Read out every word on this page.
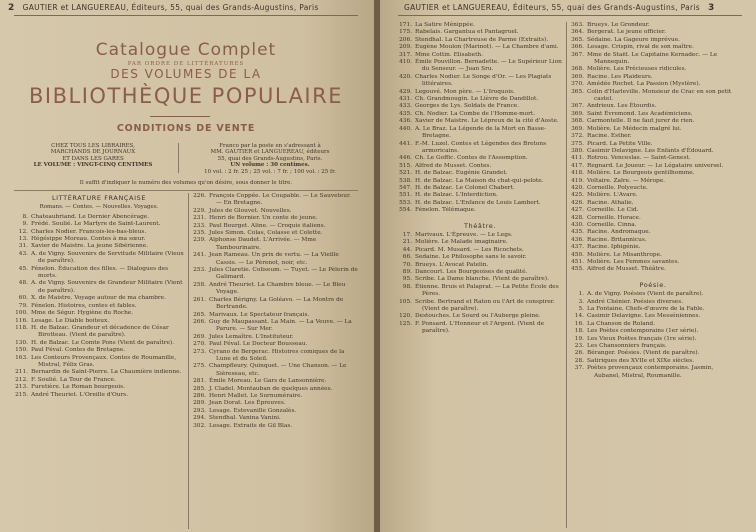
2 GAUTIER et LANGUEREAU, Éditeurs, 55, quai des Grands-Augustins, Paris
Catalogue Complet
PAR ORDRE DE LITTÉRATURES
DES VOLUMES DE LA
BIBLIOTHÈQUE POPULAIRE
CONDITIONS DE VENTE
CHEZ TOUS LES LIBRAIRES,
MARCHANDS DE JOURNAUX
ET DANS LES GARES
LE VOLUME : VINGT-CINQ CENTIMES
Franco par la poste en s'adressant à
MM. GAUTIER et LANGUEREAU, éditeurs
55, quai des Grands-Augustins, Paris.
UN volume : 30 centimes.
10 vol. : 2 fr. 25 ; 25 vol. : 7 fr. ; 100 vol. : 25 fr.
Il suffit d'indiquer le numéro des volumes qu'on désire, sous donner le titre.
LITTÉRATURE FRANÇAISE
Romans. — Contes. — Nouvelles. Voyages.
8. Chateaubriand. Le Dernier Abencérage.
9. Frédé. Soulié. Le Martyre de Saint-Laurent.
12. Charles Nodier. Francois-les-bas-bleus.
13. Hégésippe Moreau. Contes à ma sœur.
31. Xavier de Maistre. La jeune Sibérienne.
43. A. de Vigny. Souvenirs de Servitude Militaire (Vieux de paraître).
45. Fénelon. Éducation des filles. — Dialogues des morts.
48. A. de Vigny. Souvenirs de Grandeur Militaire (Vient de paraître).
60. X. de Maistre. Voyage autour de ma chambre.
79. Fénelon. Histoires, contes et fables.
100. Mme de Ségur. Hygiène du Roche.
116. Lesage. Le Diable boiteux.
118. H. de Balzac. Grandeur et décadence de César Birotteau. (Vient de paraître).
130. H. de Balzac. Le Comte Pons (Vient de paraître).
150. Paul Féval. Contes de Bretagne.
163. Les Conteurs Provençaux. Contes de Roumanille, Mistral, Félix Gras.
211. Bernardin de Saint-Pierre. La Chaumière indienne.
212. F. Soulié. La Tour de France.
213. Furetière. Le Roman bourgeois.
215. André Theuriet. L'Oreille d'Ours.
226. François Coppée. Le Coupable. — Le Sauveteur. — En Bretagne.
229. Jules de Glouvet. Nouvelles.
231. Henri de Bornier. Un conte de jeune.
233. Paul Bourget. Aline. — Croquis italiens.
235. Jules Simon. Colas, Colasse et Colette.
239. Alphonse Daudet. L'Arrivée. — Mme Tambourinaire.
241. Jean Rameau. Un prix de vertu. — La Vieille Cassis. — Le Pèrenot, noir, etc.
253. Jules Claretie. Coliseum. — Tuyet. — Le Pèlerin de Galimard.
258. André Theuriet. La Chambre bleue. — Le Bleu Voyage.
261. Charles Bérigny. La Goléavo. — La Montre de Bertrande.
265. Marivaux. Le Spectateur français.
266. Guy de Maupassant. La Main. — La Veuve. — La Parure. — Sur Mer.
269. Jules Lemaître. L'Instituteur.
270. Paul Féval. Le Docteur Bousseau.
273. Cyrano de Bergerac. Histoires comiques de la Lune et du Soleil.
275. Champfleury. Quinquet. — Une Chanson. — Le Sièreseau, etc.
281. Émile Moreau. Le Gars de Lansonnière.
285. J. Cladel. Montauban de quelques années.
286. Henri Mallet. Le Surnuméraire.
289. Jean Dorat. Les Épreuves.
293. Lesage. Estevanille Gonzalès.
294. Stendhal. Vanina Vanini.
302. Lesage. Extraits de Gil Blas.
GAUTIER et LANGUEREAU, Éditeurs, 55, quai des Grands-Augustins, Paris 3
171. La Satire Ménippée.
175. Rabelais. Gargantua et Pantagruel.
206. Stendhal. La Chartreuse de Parme (Extraits).
209. Eugène Moulon (Marinot). — La Chambre d'ami.
317. Mme Cottin. Elisabeth.
410. Émile Pouvillon. Bernadette. — Le Supérieur Lion du Senseur. — Juan Sru.
420. Charles Nodier. Le Songe d'Or. — Les Plagiats littéraires.
429. Legouvé. Mon père. — L'Iroquois.
431. Ch. Grandmougin. Le Lièvre de Dandillot.
433. Georges de Lys. Soldats de France.
435. Ch. Nodier. La Combe de l'Homme-mort.
436. Xavier de Maistre. Le Lépreux de la cité d'Aoste.
440. A. Le Braz. La Légende de la Mort en Basse-Bretagne.
441. F.-M. Luzel. Contes et Légendes des Bretons armoricains.
446. Ch. Le Goffic. Contes de l'Assomption.
515. Alfred de Musset. Contes.
521. H. de Balzac. Eugénie Grandet.
538. H. de Balzac. La Maison du chat-qui-pelote.
547. H. de Balzac. Le Colonel Chabert.
551. H. de Balzac. L'Interdiction.
553. H. de Balzac. L'Enfance de Louis Lambert.
554. Fénelon. Télémaque.
Théâtre.
17. Marivaux. L'Épreuve. — Le Legs.
21. Molière. Le Malade imaginaire.
44. Picard. M. Musard. — Les Ricochets.
66. Sedaine. Le Philosophe sans le savoir.
70. Brueys. L'Avocat Patelin.
89. Dancourt. Les Bourgeoises de qualité.
95. Scribe. La Dame blanche. (Vient de paraître).
98. Étienne. Bruis et Palaprat. — La Petite École des Pères.
105. Scribe. Bertrand et Raton ou l'Art de conspirer. (Vient de paraître).
120. Destouches. Le Sourd ou l'Auberge pleine.
125. F. Ponsard. L'Honneur et l'Argent. (Vient de paraître).
363. Brueys. Le Grondeur.
364. Bergerat. Le jeune officier.
365. Sédaine. La Gageure imprévue.
366. Lesage. Crispin, rival de son maître.
367. Mme de Staël. Le Capitaine Kernadec. — Le Mannequin.
368. Molière. Les Précieuses ridicules.
369. Racine. Les Plaideurs.
370. Amédée Rochet. La Passion (Mystère).
365. Colin d'Harleville. Monsieur de Crac en son petit castel.
367. Andrieux. Les Étourdis.
369. Saint Évremond. Les Académiciens.
368. Carmontelle. Il ne faut jurer de rien.
369. Molière. Le Médecin malgré lui.
372. Racine. Esther.
375. Picard. La Petite Ville.
380. Casimir Delavigne. Les Enfants d'Édouard.
411. Rotrou. Venceslas. — Saint-Genest.
417. Regnard. Le Joueur. — Le Légataire universel.
418. Molière. Le Bourgeois gentilhomme.
419. Voltaire. Zaïre. — Mérope.
420. Corneille. Polyeucte.
425. Molière. L'Avare.
426. Racine. Athalie.
427. Corneille. Le Cid.
428. Corneille. Horace.
430. Corneille. Cinna.
435. Racine. Andromaque.
436. Racine. Britannicus.
437. Racine. Iphigénie.
450. Molière. Le Misanthrope.
451. Molière. Les Femmes savantes.
455. Alfred de Musset. Théâtre.
Poésie.
1. A. de Vigny. Poésies (Vient de paraître).
3. André Chénier. Poésies diverses.
5. La Fontaine. Chefs-d'œuvre de la Fable.
14. Casimir Delavigne. Les Messéniennes.
16. La Chanson de Roland.
18. Les Poètes contemporains (1er série).
19. Les Vieux Poètes français (1re série).
23. Les Chansonniers français.
26. Béranger. Poésies. (Vient de paraître).
28. Satiriques des XVIIe et XIXe siècles.
37. Poètes provençaux contemporains. Jasmin, Aubanel, Mistral, Roumanille.
